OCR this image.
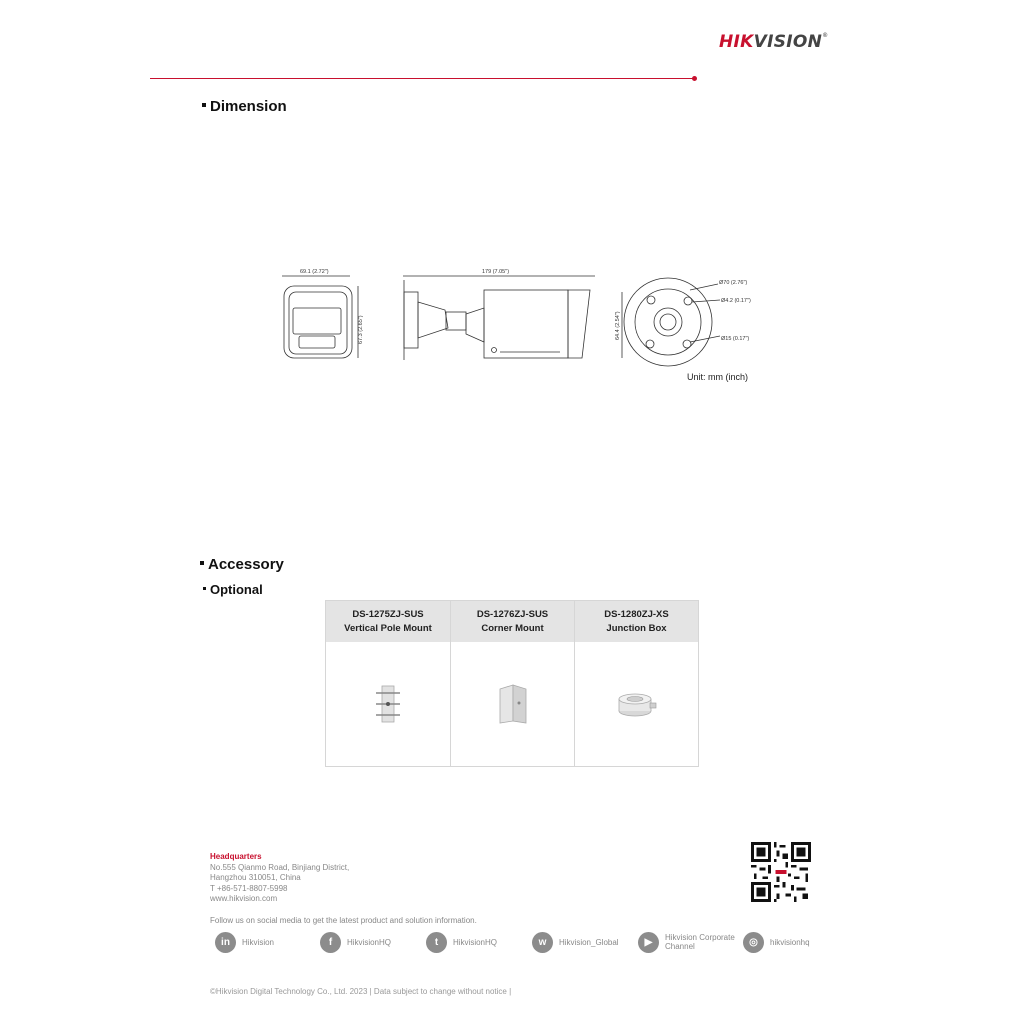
HIKVISION®
Dimension
69.1 (2.72")
67.3 (2.65")
179 (7.05")
Ø70 (2.76")
Ø4.2 (0.17")
Ø15 (0.17")
64.4 (2.54")
Unit: mm (inch)
Accessory
Optional
DS-1275ZJ-SUS
Vertical Pole Mount
DS-1276ZJ-SUS
Corner Mount
DS-1280ZJ-XS
Junction Box
Headquarters
No.555 Qianmo Road, Binjiang District,
Hangzhou 310051, China
T +86-571-8807-5998
www.hikvision.com
Follow us on social media to get the latest product and solution information.
in	Hikvision	f	HikvisionHQ	t	HikvisionHQ	w	Hikvision_Global	▶	Hikvision Corporate Channel	◎	hikvisionhq
©Hikvision Digital Technology Co., Ltd. 2023 | Data subject to change without notice |
